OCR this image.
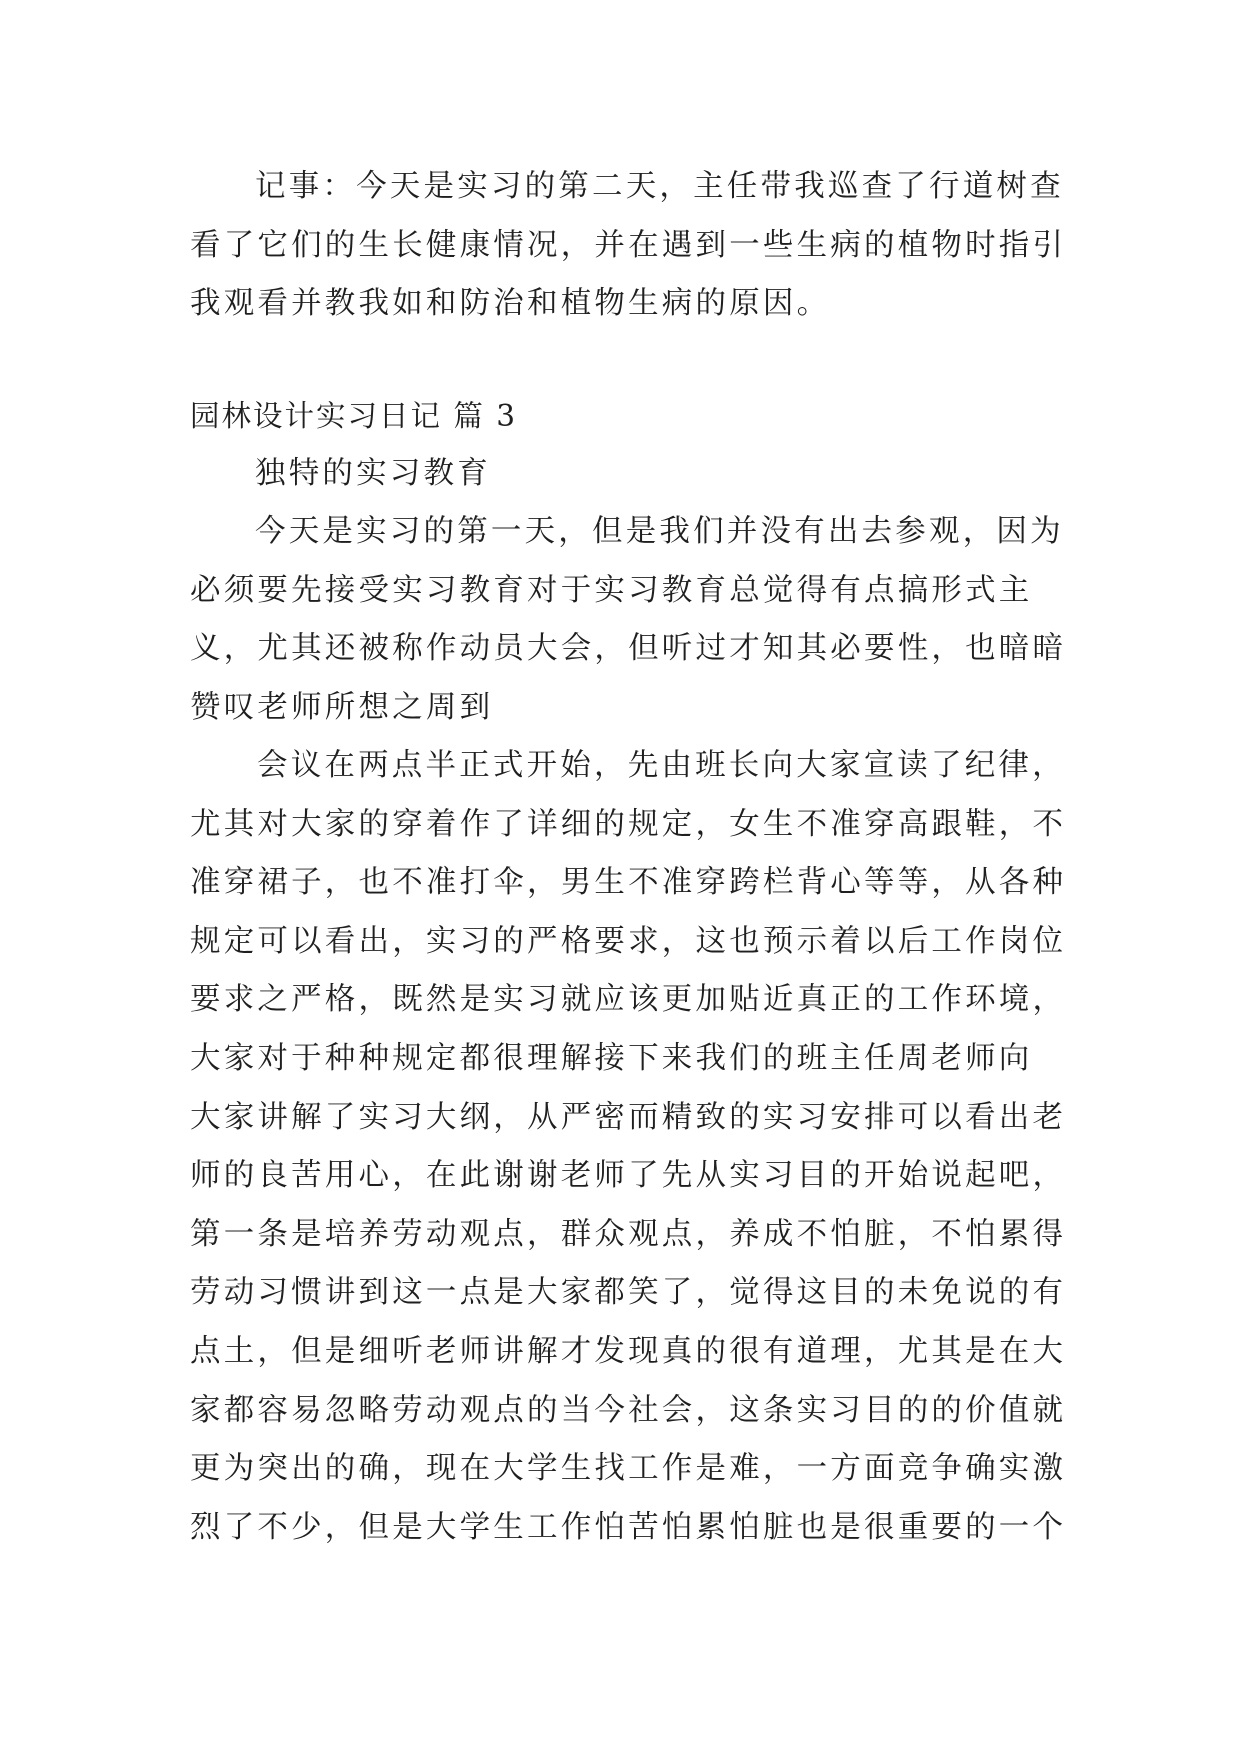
记事：今天是实习的第二天，主任带我巡查了行道树查
看了它们的生长健康情况，并在遇到一些生病的植物时指引
我观看并教我如和防治和植物生病的原因。
园林设计实习日记 篇 3
独特的实习教育
今天是实习的第一天，但是我们并没有出去参观，因为
必须要先接受实习教育对于实习教育总觉得有点搞形式主
义，尤其还被称作动员大会，但听过才知其必要性，也暗暗
赞叹老师所想之周到
会议在两点半正式开始，先由班长向大家宣读了纪律，
尤其对大家的穿着作了详细的规定，女生不准穿高跟鞋，不
准穿裙子，也不准打伞，男生不准穿跨栏背心等等，从各种
规定可以看出，实习的严格要求，这也预示着以后工作岗位
要求之严格，既然是实习就应该更加贴近真正的工作环境，
大家对于种种规定都很理解接下来我们的班主任周老师向
大家讲解了实习大纲，从严密而精致的实习安排可以看出老
师的良苦用心，在此谢谢老师了先从实习目的开始说起吧，
第一条是培养劳动观点，群众观点，养成不怕脏，不怕累得
劳动习惯讲到这一点是大家都笑了，觉得这目的未免说的有
点土，但是细听老师讲解才发现真的很有道理，尤其是在大
家都容易忽略劳动观点的当今社会，这条实习目的的价值就
更为突出的确，现在大学生找工作是难，一方面竞争确实激
烈了不少，但是大学生工作怕苦怕累怕脏也是很重要的一个
